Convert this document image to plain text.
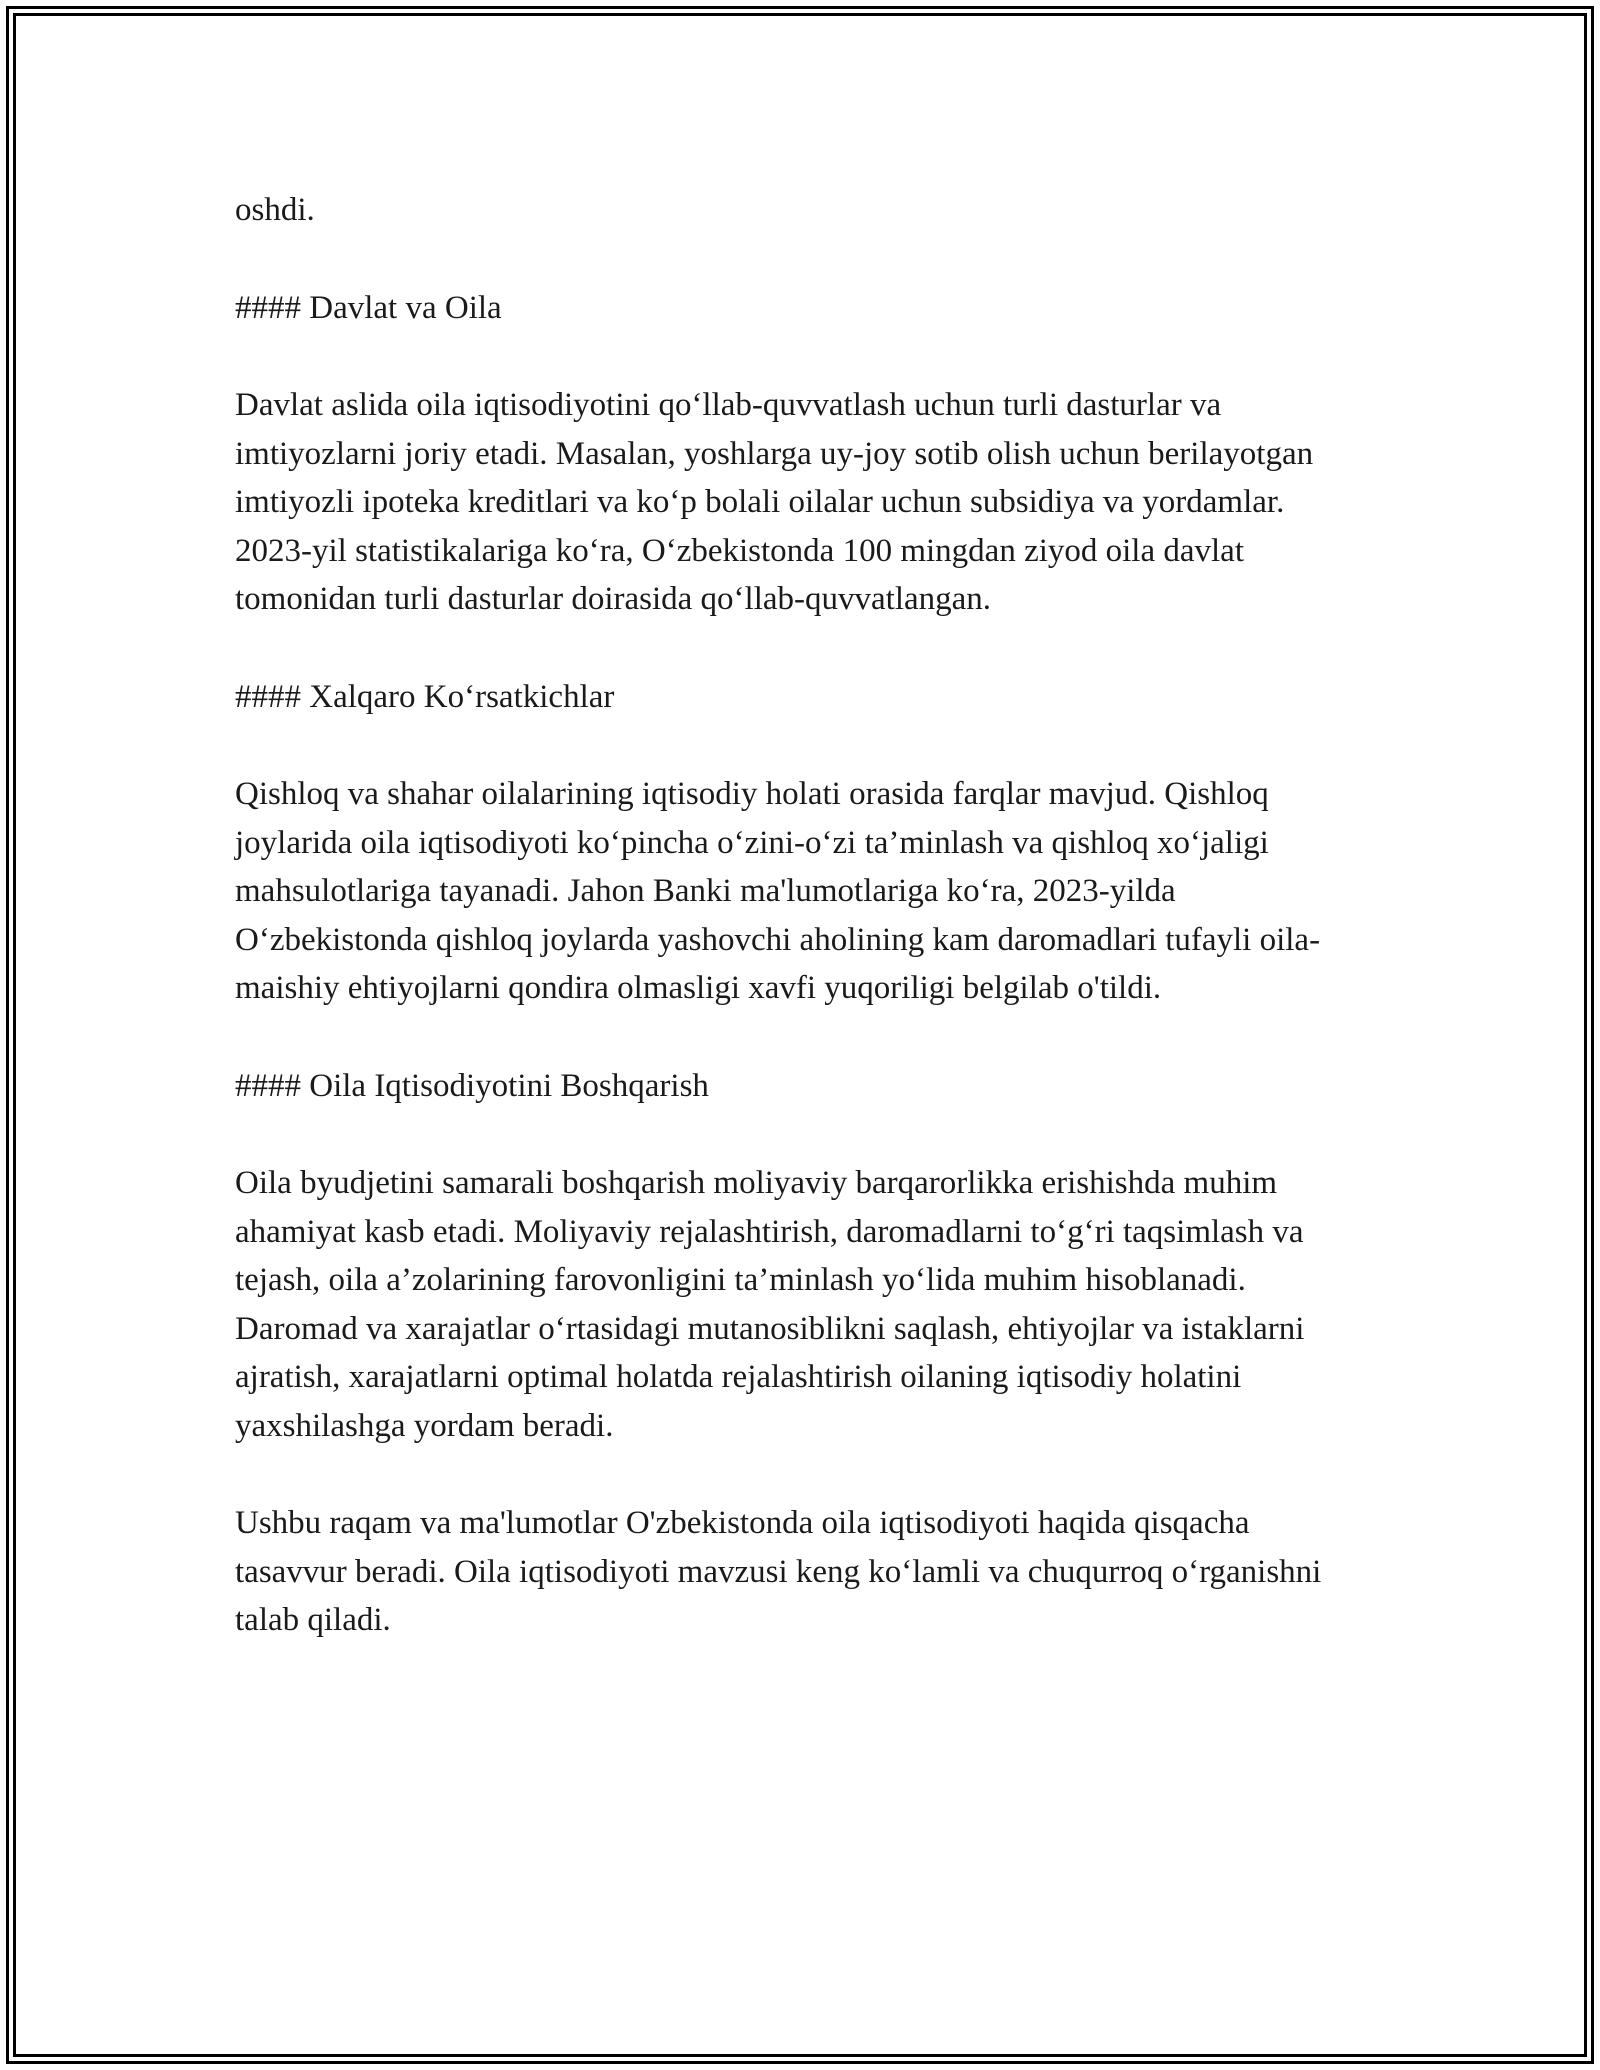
oshdi.

#### Davlat va Oila

Davlat aslida oila iqtisodiyotini qo‘llab-quvvatlash uchun turli dasturlar va imtiyozlarni joriy etadi. Masalan, yoshlarga uy-joy sotib olish uchun berilayotgan imtiyozli ipoteka kreditlari va ko‘p bolali oilalar uchun subsidiya va yordamlar. 2023-yil statistikalariga ko‘ra, O‘zbekistonda 100 mingdan ziyod oila davlat tomonidan turli dasturlar doirasida qo‘llab-quvvatlangan.

#### Xalqaro Ko‘rsatkichlar

Qishloq va shahar oilalarining iqtisodiy holati orasida farqlar mavjud. Qishloq joylarida oila iqtisodiyoti ko‘pincha o‘zini-o‘zi ta’minlash va qishloq xo‘jaligi mahsulotlariga tayanadi. Jahon Banki ma'lumotlariga ko‘ra, 2023-yilda O‘zbekistonda qishloq joylarda yashovchi aholining kam daromadlari tufayli oila-maishiy ehtiyojlarni qondira olmasligi xavfi yuqoriligi belgilab o'tildi.

#### Oila Iqtisodiyotini Boshqarish

Oila byudjetini samarali boshqarish moliyaviy barqarorlikka erishishda muhim ahamiyat kasb etadi. Moliyaviy rejalashtirish, daromadlarni to‘g‘ri taqsimlash va tejash, oila a’zolarining farovonligini ta’minlash yo‘lida muhim hisoblanadi. Daromad va xarajatlar o‘rtasidagi mutanosiblikni saqlash, ehtiyojlar va istaklarni ajratish, xarajatlarni optimal holatda rejalashtirish oilaning iqtisodiy holatini yaxshilashga yordam beradi.

Ushbu raqam va ma'lumotlar O'zbekistonda oila iqtisodiyoti haqida qisqacha tasavvur beradi. Oila iqtisodiyoti mavzusi keng ko‘lamli va chuqurroq o‘rganishni talab qiladi.
